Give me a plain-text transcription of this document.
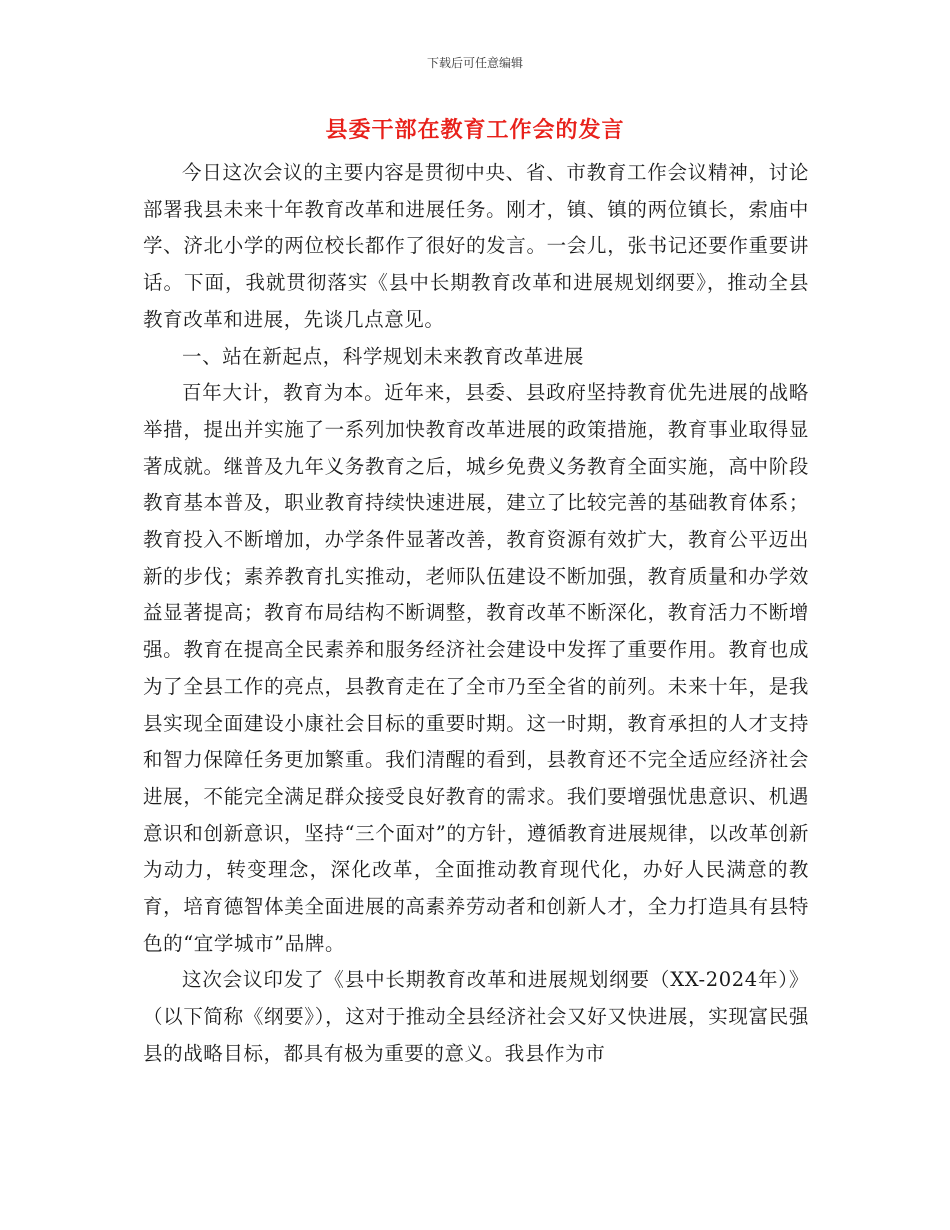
下载后可任意编辑
县委干部在教育工作会的发言

今日这次会议的主要内容是贯彻中央、省、市教育工作会议精神，讨论部署我县未来十年教育改革和进展任务。刚才，镇、镇的两位镇长，索庙中学、济北小学的两位校长都作了很好的发言。一会儿，张书记还要作重要讲话。下面，我就贯彻落实《县中长期教育改革和进展规划纲要》，推动全县教育改革和进展，先谈几点意见。

一、站在新起点，科学规划未来教育改革进展

百年大计，教育为本。近年来，县委、县政府坚持教育优先进展的战略举措，提出并实施了一系列加快教育改革进展的政策措施，教育事业取得显著成就。继普及九年义务教育之后，城乡免费义务教育全面实施，高中阶段教育基本普及，职业教育持续快速进展，建立了比较完善的基础教育体系；教育投入不断增加，办学条件显著改善，教育资源有效扩大，教育公平迈出新的步伐；素养教育扎实推动，老师队伍建设不断加强，教育质量和办学效益显著提高；教育布局结构不断调整，教育改革不断深化，教育活力不断增强。教育在提高全民素养和服务经济社会建设中发挥了重要作用。教育也成为了全县工作的亮点，县教育走在了全市乃至全省的前列。未来十年，是我县实现全面建设小康社会目标的重要时期。这一时期，教育承担的人才支持和智力保障任务更加繁重。我们清醒的看到，县教育还不完全适应经济社会进展，不能完全满足群众接受良好教育的需求。我们要增强忧患意识、机遇意识和创新意识，坚持“三个面对”的方针，遵循教育进展规律，以改革创新为动力，转变理念，深化改革，全面推动教育现代化，办好人民满意的教育，培育德智体美全面进展的高素养劳动者和创新人才，全力打造具有县特色的“宜学城市”品牌。

这次会议印发了《县中长期教育改革和进展规划纲要（XX-2024年）》（以下简称《纲要》），这对于推动全县经济社会又好又快进展，实现富民强县的战略目标，都具有极为重要的意义。我县作为市
